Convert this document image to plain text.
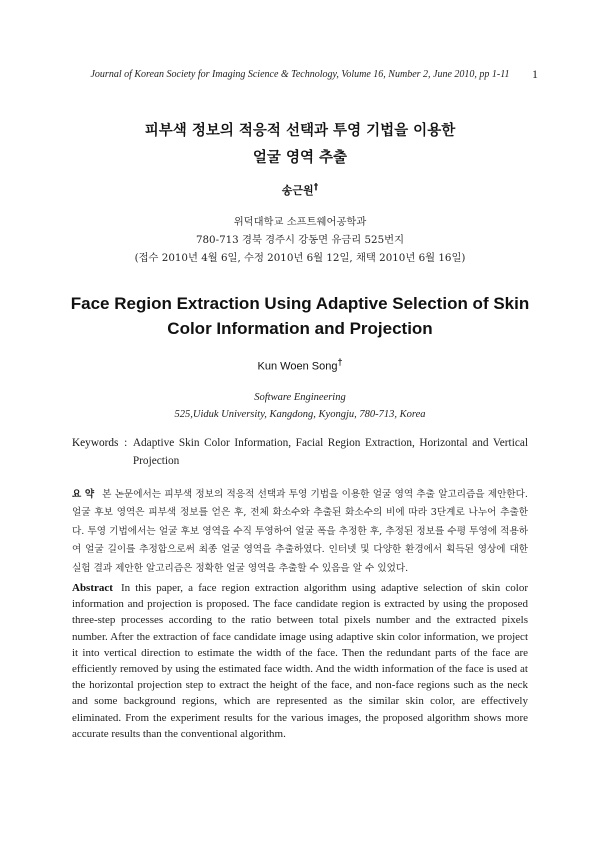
Journal of Korean Society for Imaging Science & Technology, Volume 16, Number 2, June 2010, pp 1-11	1
피부색 정보의 적응적 선택과 투영 기법을 이용한
얼굴 영역 추출
송근원†
위덕대학교 소프트웨어공학과
780-713 경북 경주시 강동면 유금리 525번지
(접수 2010년 4월 6일, 수정 2010년 6월 12일, 채택 2010년 6월 16일)
Face Region Extraction Using Adaptive Selection of Skin
Color Information and Projection
Kun Woen Song†
Software Engineering
525,Uiduk University, Kangdong, Kyongju, 780-713, Korea
Keywords  : Adaptive Skin Color Information, Facial Region Extraction, Horizontal and Vertical Projection
요 약 본 논문에서는 피부색 정보의 적응적 선택과 투영 기법을 이용한 얼굴 영역 추출 알고리즘을 제안한다. 얼굴 후보 영역은 피부색 정보를 얻은 후, 전체 화소수와 추출된 화소수의 비에 따라 3단계로 나누어 추출한다. 투영 기법에서는 얼굴 후보 영역을 수직 투영하여 얼굴 폭을 추정한 후, 추정된 정보를 수평 투영에 적용하여 얼굴 길이를 추정함으로써 최종 얼굴 영역을 추출하였다. 인터넷 및 다양한 환경에서 획득된 영상에 대한 실험 결과 제안한 알고리즘은 정확한 얼굴 영역을 추출할 수 있음을 알 수 있었다.
Abstract In this paper, a face region extraction algorithm using adaptive selection of skin color information and projection is proposed. The face candidate region is extracted by using the proposed three-step processes according to the ratio between total pixels number and the extracted pixels number. After the extraction of face candidate image using adaptive skin color information, we project it into vertical direction to estimate the width of the face. Then the redundant parts of the face are efficiently removed by using the estimated face width. And the width information of the face is used at the horizontal projection step to extract the height of the face, and non-face regions such as the neck and some background regions, which are represented as the similar skin color, are effectively eliminated. From the experiment results for the various images, the proposed algorithm shows more accurate results than the conventional algorithm.
